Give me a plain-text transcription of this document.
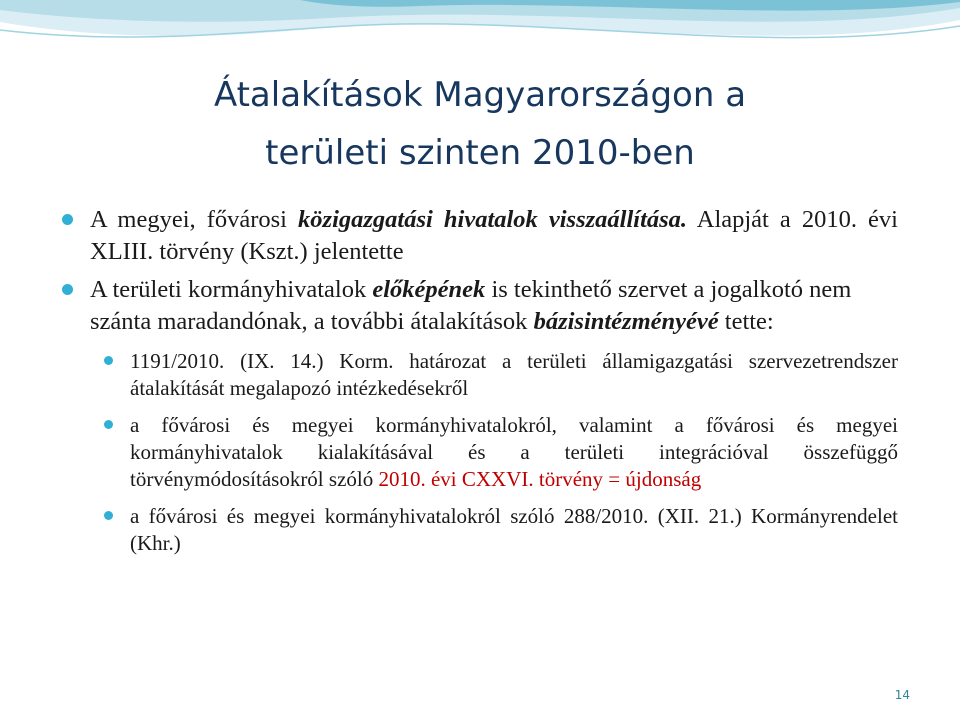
Átalakítások Magyarországon a
területi szinten 2010-ben
A megyei, fővárosi közigazgatási hivatalok visszaállítása. Alapját a 2010. évi XLIII. törvény (Kszt.) jelentette
A területi kormányhivatalok előképének is tekinthető szervet a jogalkotó nem szánta maradandónak, a további átalakítások bázisintézményévé tette:
1191/2010. (IX. 14.) Korm. határozat a területi államigazgatási szervezetrendszer átalakítását megalapozó intézkedésekről
a fővárosi és megyei kormányhivatalokról, valamint a fővárosi és megyei kormányhivatalok kialakításával és a területi integrációval összefüggő törvénymódosításokról szóló 2010. évi CXXVI. törvény = újdonság
a fővárosi és megyei kormányhivatalokról szóló 288/2010. (XII. 21.) Kormányrendelet (Khr.)
14
